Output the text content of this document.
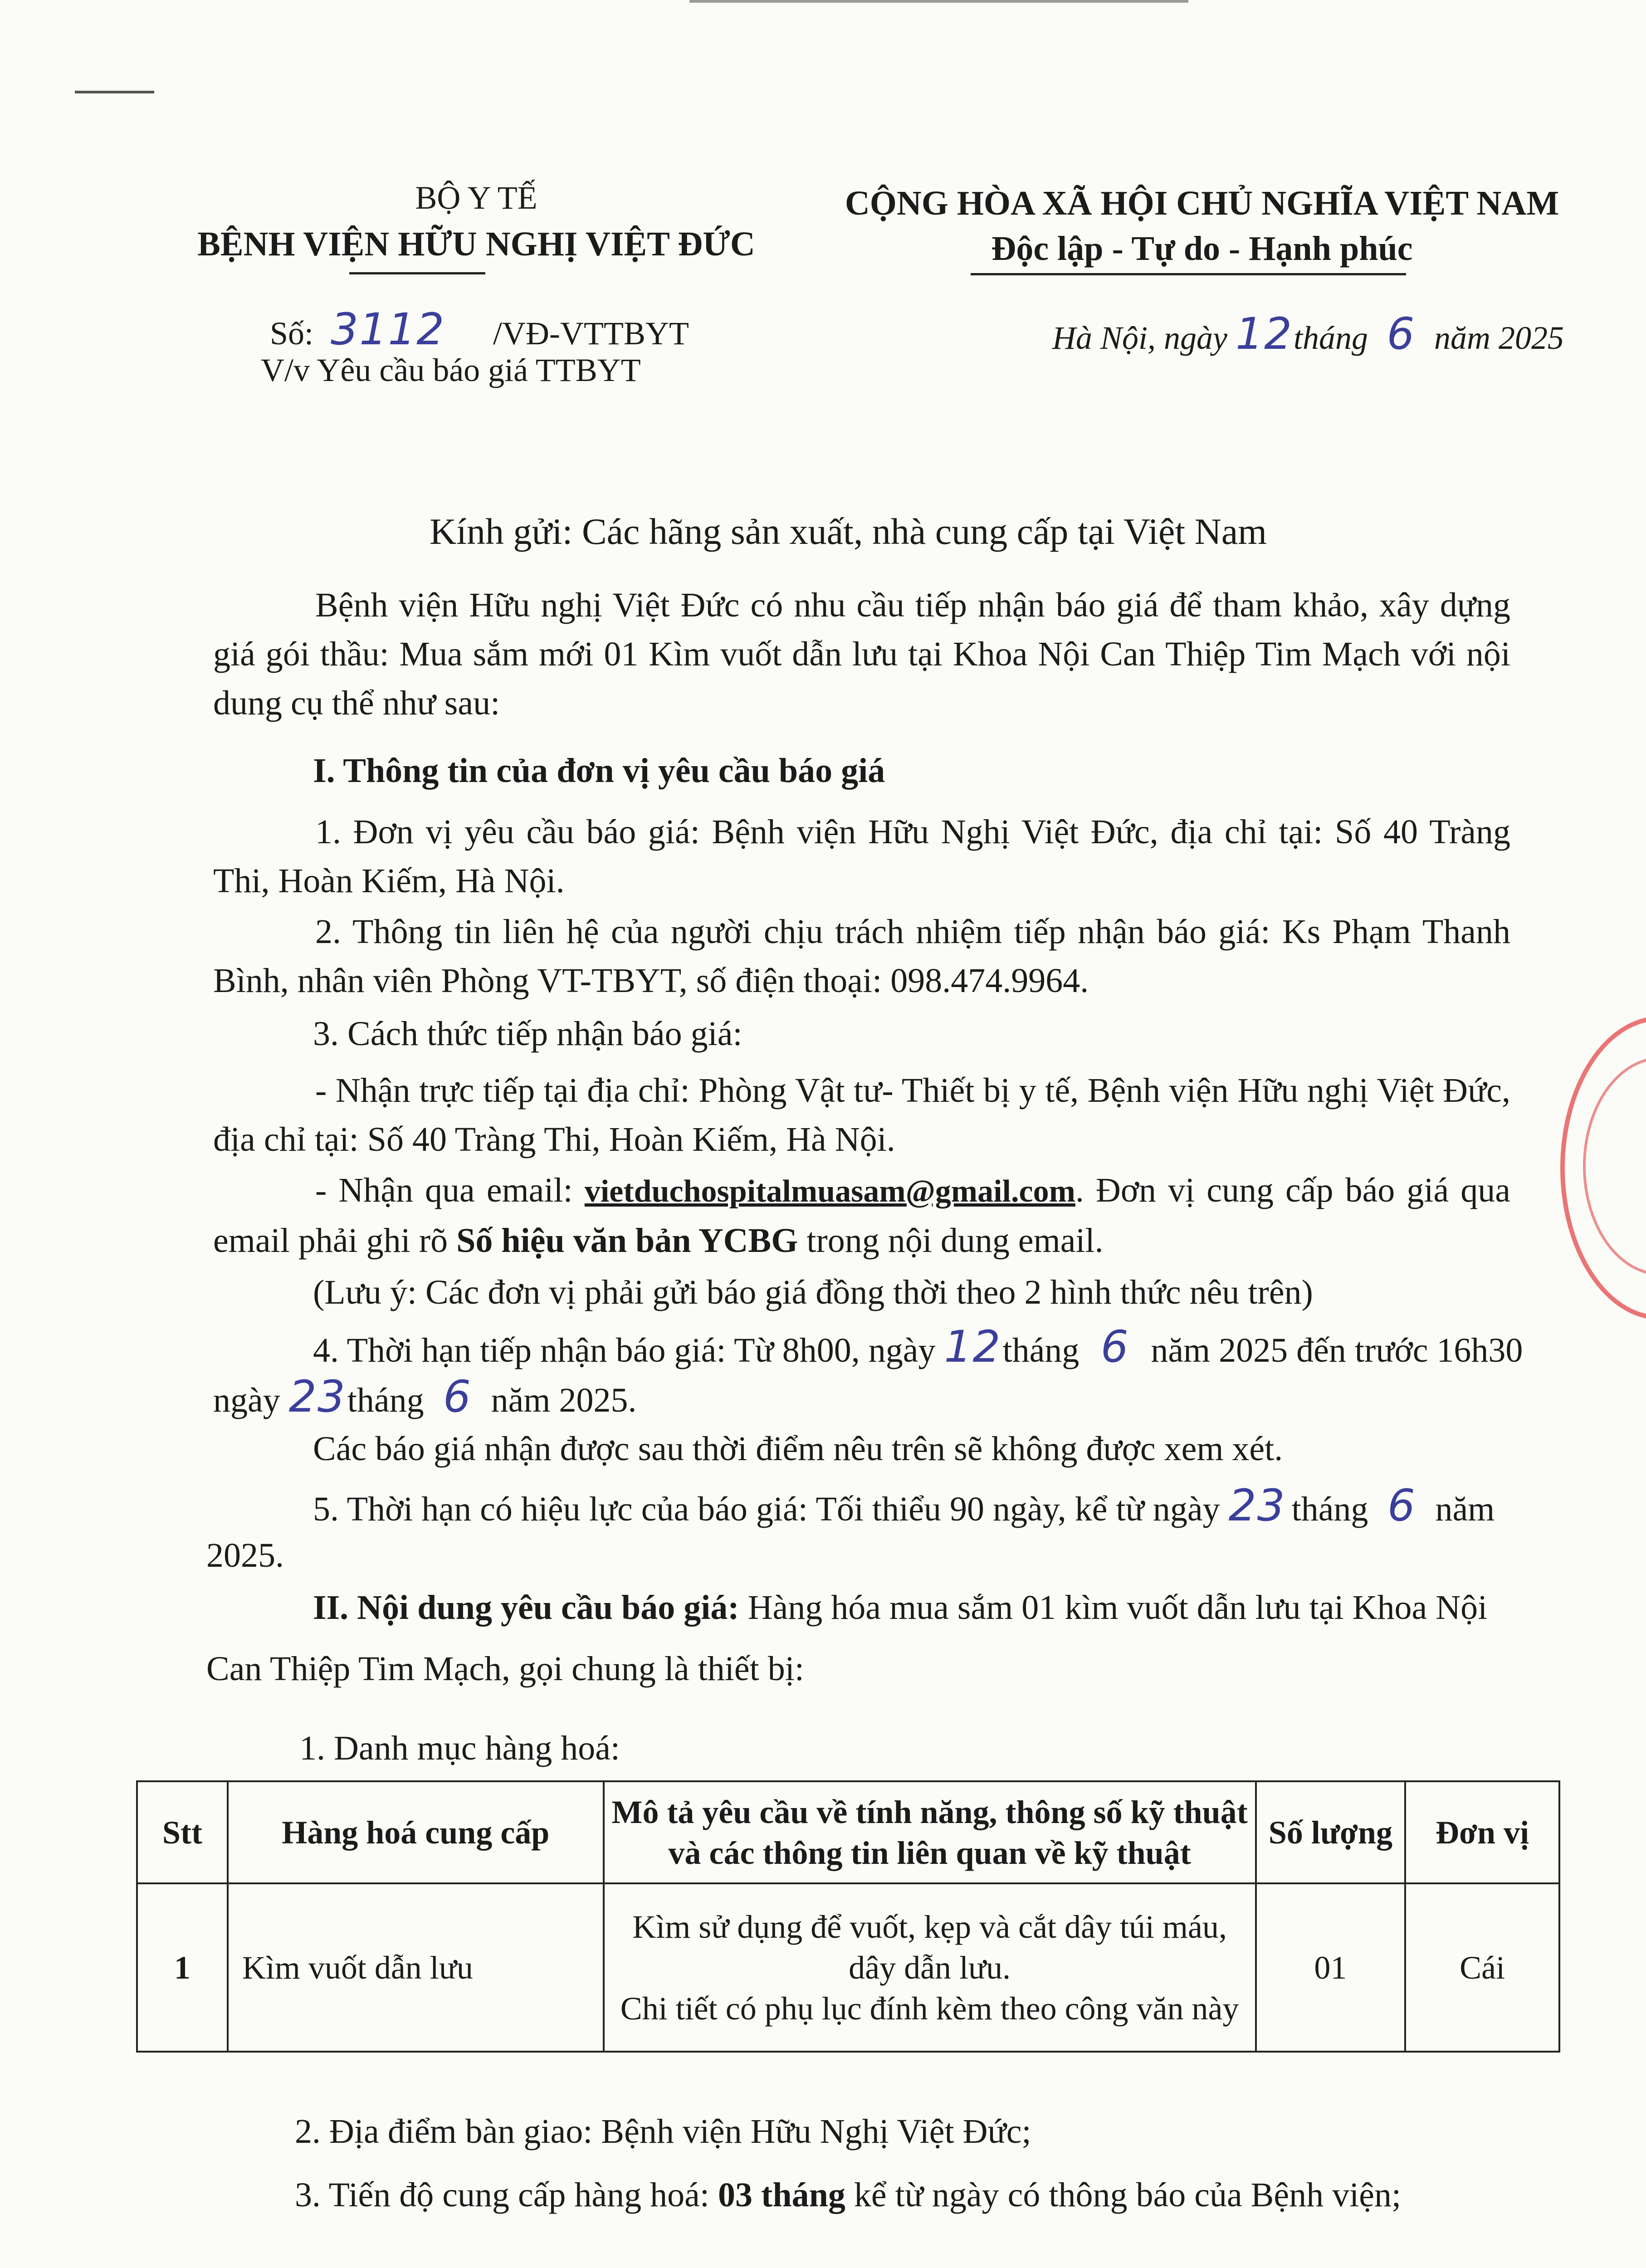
BỘ Y TẾ
BỆNH VIỆN HỮU NGHỊ VIỆT ĐỨC
CỘNG HÒA XÃ HỘI CHỦ NGHĨA VIỆT NAM
Độc lập - Tự do - Hạnh phúc
Số: 3112 /VĐ-VTTBYT
V/v Yêu cầu báo giá TTBYT
Hà Nội, ngày 12 tháng 6 năm 2025
Kính gửi: Các hãng sản xuất, nhà cung cấp tại Việt Nam
Bệnh viện Hữu nghị Việt Đức có nhu cầu tiếp nhận báo giá để tham khảo, xây dựng giá gói thầu: Mua sắm mới 01 Kìm vuốt dẫn lưu tại Khoa Nội Can Thiệp Tim Mạch với nội dung cụ thể như sau:
I. Thông tin của đơn vị yêu cầu báo giá
1. Đơn vị yêu cầu báo giá: Bệnh viện Hữu Nghị Việt Đức, địa chỉ tại: Số 40 Tràng Thi, Hoàn Kiếm, Hà Nội.
2. Thông tin liên hệ của người chịu trách nhiệm tiếp nhận báo giá: Ks Phạm Thanh Bình, nhân viên Phòng VT-TBYT, số điện thoại: 098.474.9964.
3. Cách thức tiếp nhận báo giá:
- Nhận trực tiếp tại địa chỉ: Phòng Vật tư- Thiết bị y tế, Bệnh viện Hữu nghị Việt Đức, địa chỉ tại: Số 40 Tràng Thi, Hoàn Kiếm, Hà Nội.
- Nhận qua email: vietduchospitalmuasam@gmail.com. Đơn vị cung cấp báo giá qua email phải ghi rõ Số hiệu văn bản YCBG trong nội dung email.
(Lưu ý: Các đơn vị phải gửi báo giá đồng thời theo 2 hình thức nêu trên)
4. Thời hạn tiếp nhận báo giá: Từ 8h00, ngày 12 tháng 6 năm 2025 đến trước 16h30
ngày 23 tháng 6 năm 2025.
Các báo giá nhận được sau thời điểm nêu trên sẽ không được xem xét.
5. Thời hạn có hiệu lực của báo giá: Tối thiểu 90 ngày, kể từ ngày 23 tháng 6 năm
2025.
II. Nội dung yêu cầu báo giá: Hàng hóa mua sắm 01 kìm vuốt dẫn lưu tại Khoa Nội
Can Thiệp Tim Mạch, gọi chung là thiết bị:
1. Danh mục hàng hoá:
Stt	Hàng hoá cung cấp	Mô tả yêu cầu về tính năng, thông số kỹ thuật và các thông tin liên quan về kỹ thuật	Số lượng	Đơn vị
1	Kìm vuốt dẫn lưu	Kìm sử dụng để vuốt, kẹp và cắt dây túi máu, dây dẫn lưu.
Chi tiết có phụ lục đính kèm theo công văn này	01	Cái
2. Địa điểm bàn giao: Bệnh viện Hữu Nghị Việt Đức;
3. Tiến độ cung cấp hàng hoá: 03 tháng kể từ ngày có thông báo của Bệnh viện;
